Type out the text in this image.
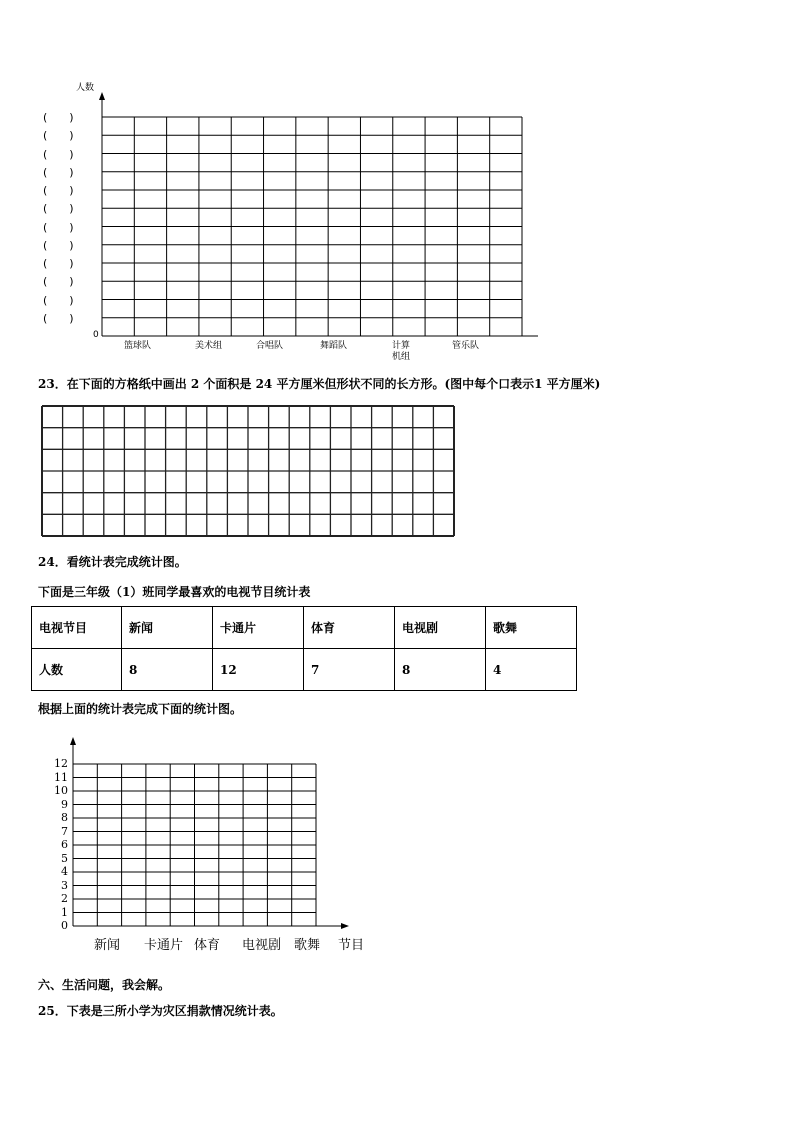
人数
0
(　　)
(　　)
(　　)
(　　)
(　　)
(　　)
(　　)
(　　)
(　　)
(　　)
(　　)
(　　)
篮球队	美术组	合唱队	舞蹈队	计算
机组
管乐队
23．在下面的方格纸中画出 2 个面积是 24 平方厘米但形状不同的长方形。(图中每个口表示1 平方厘米)
24．看统计表完成统计图。
下面是三年级（1）班同学最喜欢的电视节目统计表
电视节目	新闻	卡通片	体育	电视剧	歌舞
人数	8	12	7	8	4
根据上面的统计表完成下面的统计图。
0
1
2
3
4
5
6
7
8
9
10
11
12
新闻 卡通片 体育 电视剧 歌舞 节目
六、生活问题，我会解。
25．下表是三所小学为灾区捐款情况统计表。
